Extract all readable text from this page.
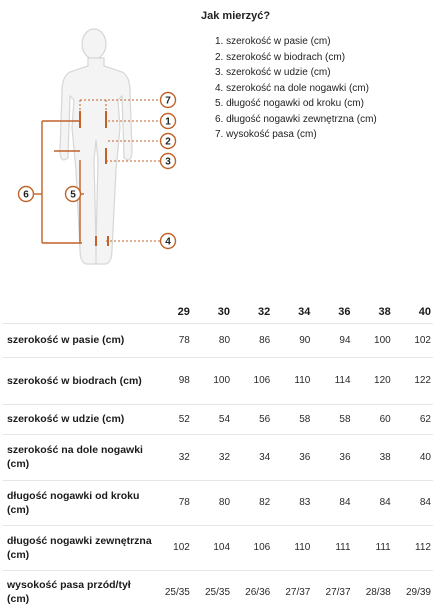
7
1
2
3
4
5
6
Jak mierzyć?
1. szerokość w pasie (cm)
2. szerokość w biodrach (cm)
3. szerokość w udzie (cm)
4. szerokość na dole nogawki (cm)
5. długość nogawki od kroku (cm)
6. długość nogawki zewnętrzna (cm)
7. wysokość pasa (cm)
	29	30	32	34	36	38	40
szerokość w pasie (cm)	78	80	86	90	94	100	102
szerokość w biodrach (cm)	98	100	106	110	114	120	122
szerokość w udzie (cm)	52	54	56	58	58	60	62
szerokość na dole nogawki (cm)	32	32	34	36	36	38	40
długość nogawki od kroku (cm)	78	80	82	83	84	84	84
długość nogawki zewnętrzna (cm)	102	104	106	110	111	111	112
wysokość pasa przód/tył (cm)	25/35	25/35	26/36	27/37	27/37	28/38	29/39
